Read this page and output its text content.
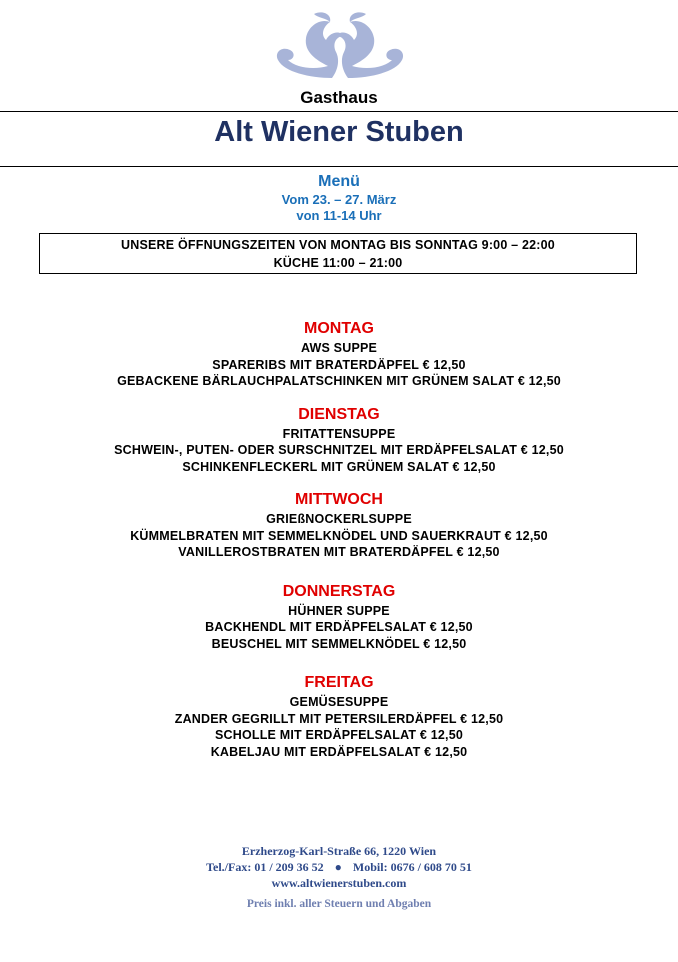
Gasthaus
Alt Wiener Stuben
Menü
Vom 23. – 27. März
von 11-14 Uhr
UNSERE ÖFFNUNGSZEITEN VON MONTAG BIS SONNTAG 9:00 – 22:00
KÜCHE 11:00 – 21:00
MONTAG
AWS SUPPE
SPARERIBS MIT BRATERDÄPFEL € 12,50
GEBACKENE BÄRLAUCHPALATSCHINKEN MIT GRÜNEM SALAT € 12,50
DIENSTAG
FRITATTENSUPPE
SCHWEIN-, PUTEN- ODER SURSCHNITZEL MIT ERDÄPFELSALAT € 12,50
SCHINKENFLECKERL MIT GRÜNEM SALAT € 12,50
MITTWOCH
GRIEßNOCKERLSUPPE
KÜMMELBRATEN MIT SEMMELKNÖDEL UND SAUERKRAUT € 12,50
VANILLEROSTBRATEN MIT BRATERDÄPFEL € 12,50
DONNERSTAG
HÜHNER SUPPE
BACKHENDL MIT ERDÄPFELSALAT € 12,50
BEUSCHEL MIT SEMMELKNÖDEL € 12,50
FREITAG
GEMÜSESUPPE
ZANDER GEGRILLT MIT PETERSILERDÄPFEL € 12,50
SCHOLLE MIT ERDÄPFELSALAT € 12,50
KABELJAU MIT ERDÄPFELSALAT € 12,50
Erzherzog-Karl-Straße 66, 1220 Wien
Tel./Fax: 01 / 209 36 52 ● Mobil: 0676 / 608 70 51
www.altwienerstuben.com
Preis inkl. aller Steuern und Abgaben
